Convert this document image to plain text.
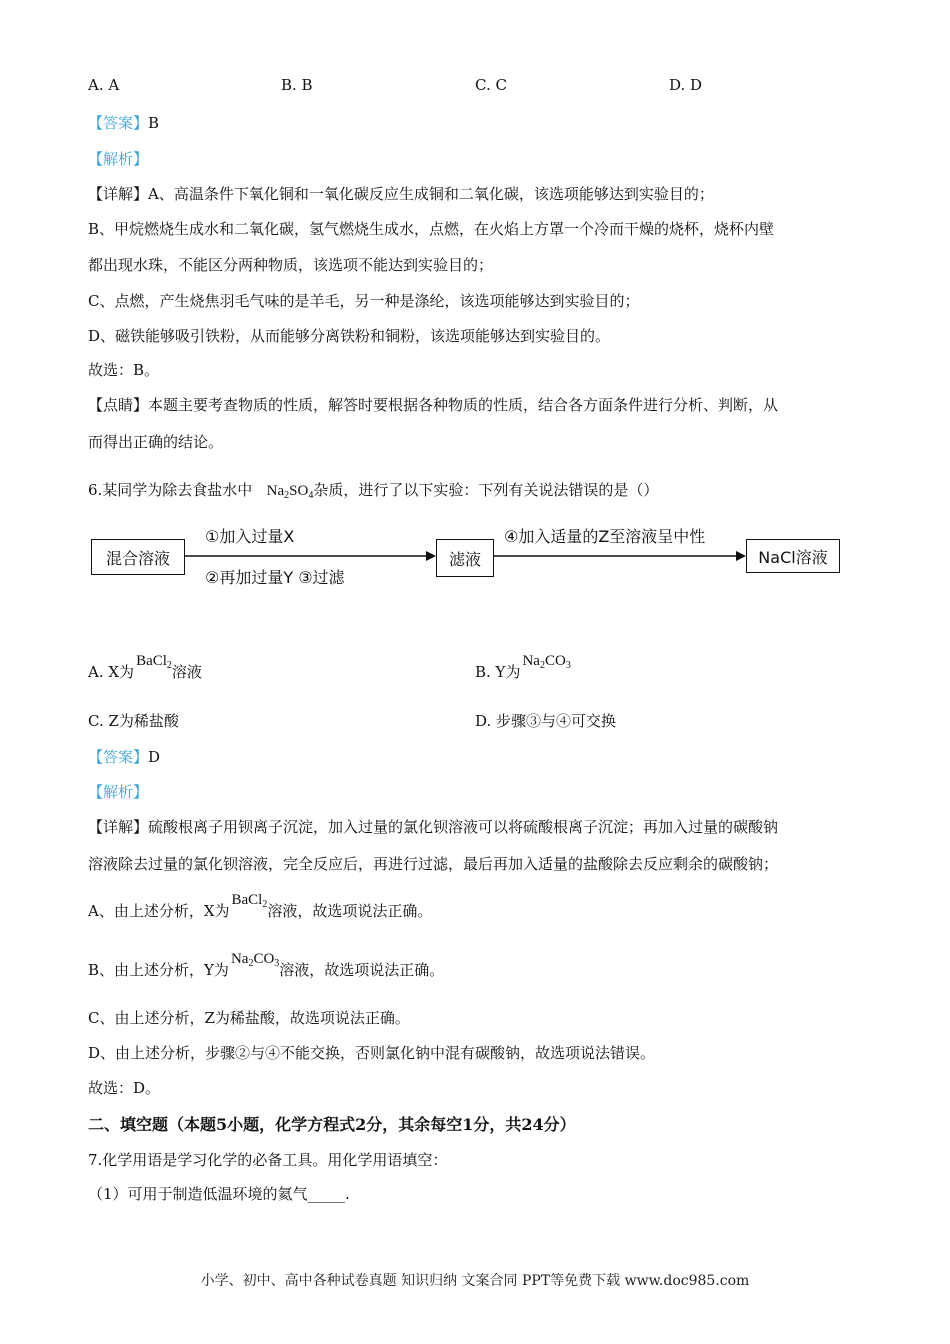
A. A	B. B	C. C	D. D
【答案】B
【解析】
【详解】A、高温条件下氧化铜和一氧化碳反应生成铜和二氧化碳，该选项能够达到实验目的；
B、甲烷燃烧生成水和二氧化碳，氢气燃烧生成水，点燃，在火焰上方罩一个冷而干燥的烧杯，烧杯内壁
都出现水珠，不能区分两种物质，该选项不能达到实验目的；
C、点燃，产生烧焦羽毛气味的是羊毛，另一种是涤纶，该选项能够达到实验目的；
D、磁铁能够吸引铁粉，从而能够分离铁粉和铜粉，该选项能够达到实验目的。
故选：B。
【点睛】本题主要考查物质的性质，解答时要根据各种物质的性质，结合各方面条件进行分析、判断，从
而得出正确的结论。
6.某同学为除去食盐水中 $Na_2SO_4$杂质，进行了以下实验：下列有关说法错误的是（）
混合溶液
①加入过量X
②再加过量Y ③过滤
滤液
④加入适量的Z至溶液呈中性
NaCl溶液
A. X为BaCl$_2$溶液	B. Y为$Na_2CO_3$
C. Z为稀盐酸	D. 步骤③与④可交换
【答案】D
【解析】
【详解】硫酸根离子用钡离子沉淀，加入过量的氯化钡溶液可以将硫酸根离子沉淀；再加入过量的碳酸钠
溶液除去过量的氯化钡溶液，完全反应后，再进行过滤，最后再加入适量的盐酸除去反应剩余的碳酸钠；
A、由上述分析，X为BaCl$_2$溶液，故选项说法正确。
B、由上述分析，Y为$Na_2CO_3$溶液，故选项说法正确。
C、由上述分析，Z为稀盐酸，故选项说法正确。
D、由上述分析，步骤②与④不能交换，否则氯化钠中混有碳酸钠，故选项说法错误。
故选：D。
二、填空题（本题5小题，化学方程式2分，其余每空1分，共24分）
7.化学用语是学习化学的必备工具。用化学用语填空：
（1）可用于制造低温环境的氦气_____.
小学、初中、高中各种试卷真题 知识归纳 文案合同 PPT等免费下载 www.doc985.com
